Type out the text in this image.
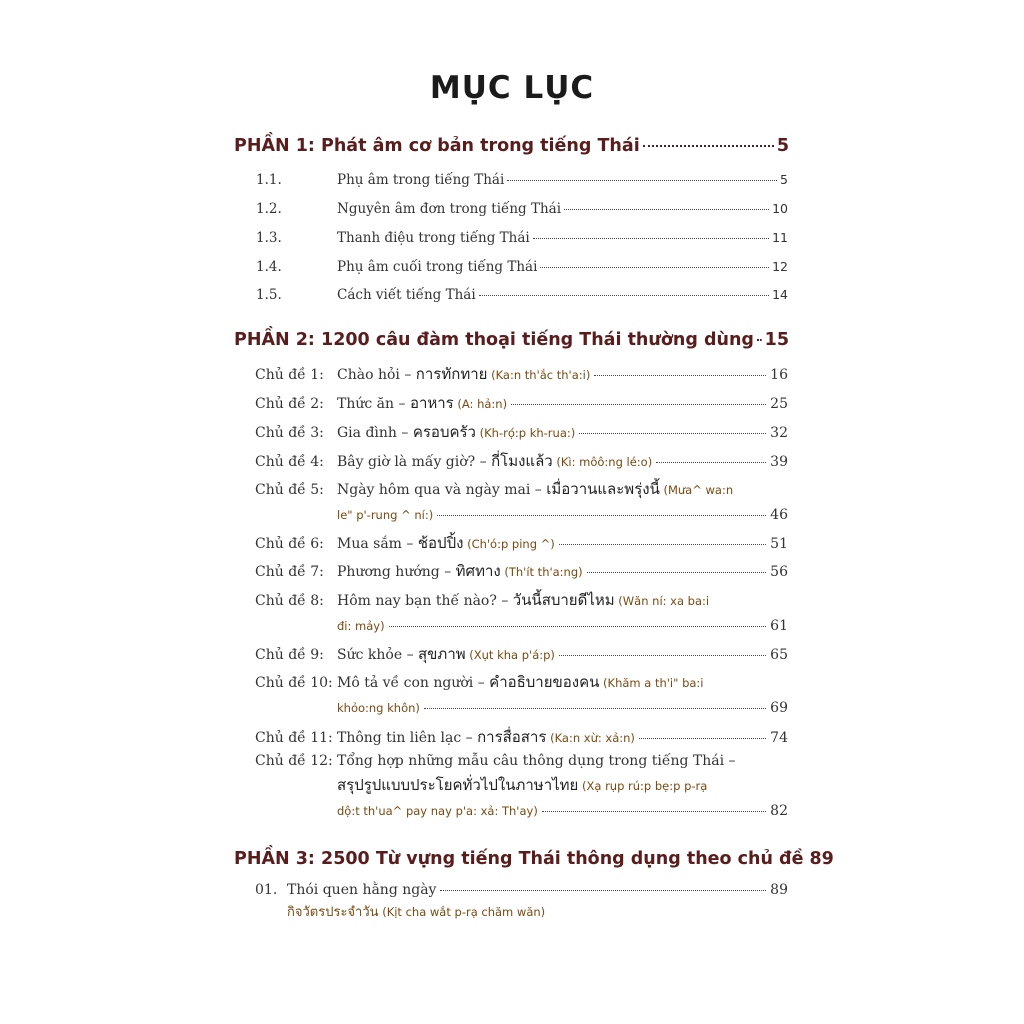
MỤC LỤC
PHẦN 1: Phát âm cơ bản trong tiếng Thái	5
1.1.	Phụ âm trong tiếng Thái	5
1.2.	Nguyên âm đơn trong tiếng Thái	10
1.3.	Thanh điệu trong tiếng Thái	11
1.4.	Phụ âm cuối trong tiếng Thái	12
1.5.	Cách viết tiếng Thái	14
PHẦN 2: 1200 câu đàm thoại tiếng Thái thường dùng 15
Chủ đề 1: Chào hỏi – การทักทาย (Ka:n th'ắc th'a:i)	16
Chủ đề 2: Thức ăn – อาหาร (A: hả:n)	25
Chủ đề 3: Gia đình – ครอบครัว (Kh-rọ́:p kh-rua:)	32
Chủ đề 4: Bây giờ là mấy giờ? – กี่โมงแล้ว (Kì: môô:ng lé:o)	39
Chủ đề 5: Ngày hôm qua và ngày mai – เมื่อวานและพรุ่งนี้ (Mưa^ wa:n
le" p'-rung ^ ní:)	46
Chủ đề 6: Mua sắm – ช้อปปิ้ง (Ch'ó:p ping ^)	51
Chủ đề 7: Phương hướng – ทิศทาง (Th'ít th'a:ng)	56
Chủ đề 8: Hôm nay bạn thế nào? – วันนี้สบายดีไหม (Wăn ní: xa ba:i
đi: mảy)	61
Chủ đề 9: Sức khỏe – สุขภาพ (Xụt kha p'á:p)	65
Chủ đề 10: Mô tả về con người – คำอธิบายของคน (Khăm a th'i" ba:i
khỏo:ng khôn)	69
Chủ đề 11: Thông tin liên lạc – การสื่อสาร (Ka:n xừ: xả:n)	74
Chủ đề 12: Tổng hợp những mẫu câu thông dụng trong tiếng Thái –
สรุปรูปแบบประโยคทั่วไปในภาษาไทย (Xạ rụp rú:p bẹ:p p-rạ
dộ:t th'ua^ pay nay p'a: xả: Th'ay)	82
PHẦN 3: 2500 Từ vựng tiếng Thái thông dụng theo chủ đề 89
01. Thói quen hằng ngày	89
กิจวัตรประจำวัน (Kịt cha wắt p-rạ chăm wăn)
